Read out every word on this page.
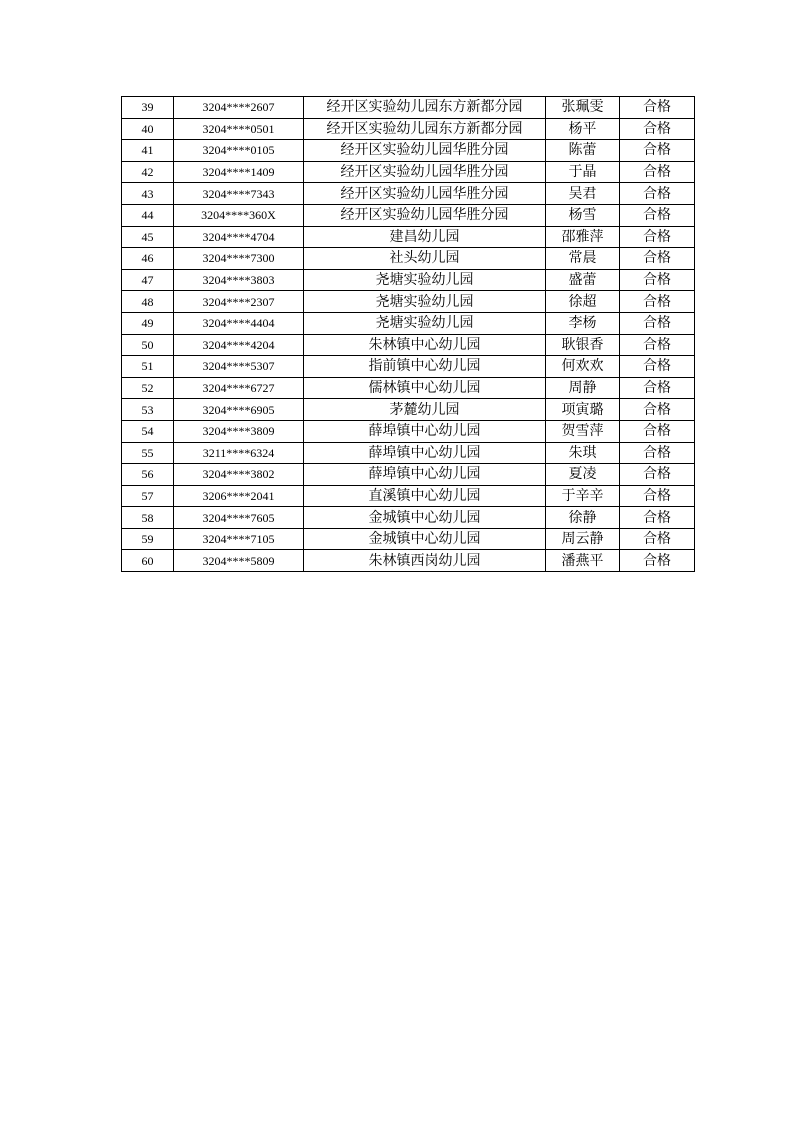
39	3204****2607	经开区实验幼儿园东方新都分园	张珮雯	合格
40	3204****0501	经开区实验幼儿园东方新都分园	杨平	合格
41	3204****0105	经开区实验幼儿园华胜分园	陈蕾	合格
42	3204****1409	经开区实验幼儿园华胜分园	于晶	合格
43	3204****7343	经开区实验幼儿园华胜分园	吴君	合格
44	3204****360X	经开区实验幼儿园华胜分园	杨雪	合格
45	3204****4704	建昌幼儿园	邵雅萍	合格
46	3204****7300	社头幼儿园	常晨	合格
47	3204****3803	尧塘实验幼儿园	盛蕾	合格
48	3204****2307	尧塘实验幼儿园	徐超	合格
49	3204****4404	尧塘实验幼儿园	李杨	合格
50	3204****4204	朱林镇中心幼儿园	耿银香	合格
51	3204****5307	指前镇中心幼儿园	何欢欢	合格
52	3204****6727	儒林镇中心幼儿园	周静	合格
53	3204****6905	茅麓幼儿园	项寅璐	合格
54	3204****3809	薛埠镇中心幼儿园	贺雪萍	合格
55	3211****6324	薛埠镇中心幼儿园	朱琪	合格
56	3204****3802	薛埠镇中心幼儿园	夏凌	合格
57	3206****2041	直溪镇中心幼儿园	于辛辛	合格
58	3204****7605	金城镇中心幼儿园	徐静	合格
59	3204****7105	金城镇中心幼儿园	周云静	合格
60	3204****5809	朱林镇西岗幼儿园	潘燕平	合格
